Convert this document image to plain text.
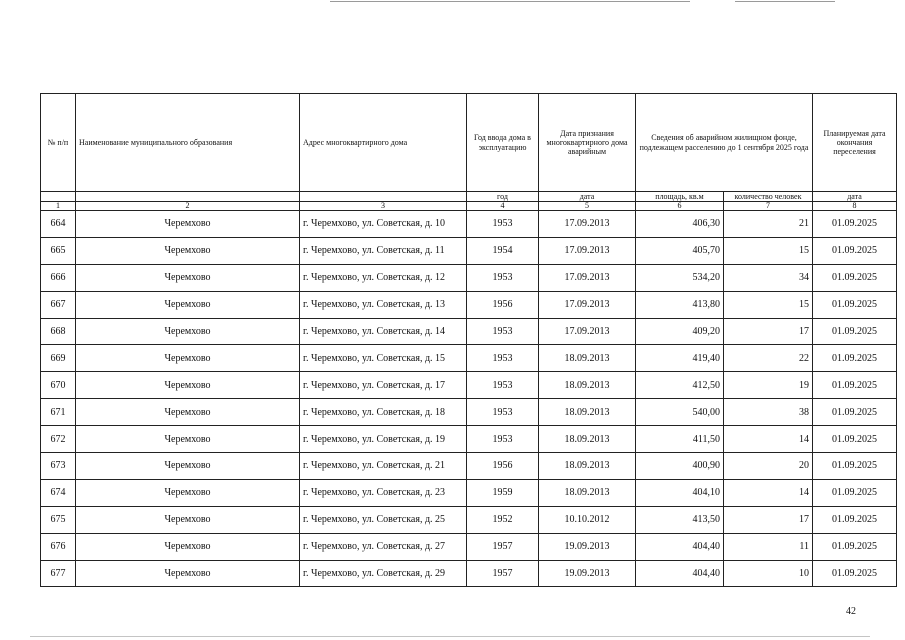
№ п/п	Наименование муниципального образования	Адрес многоквартирного дома	Год ввода дома в эксплуатацию	Дата признания многоквартирного дома аварийным	Сведения об аварийном жилищном фонде, подлежащем расселению до 1 сентября 2025 года		Планируемая дата окончания переселения
			год	дата	площадь, кв.м	количество человек	дата
1	2	3	4	5	6	7	8
664	Черемхово	г. Черемхово, ул. Советская, д. 10	1953	17.09.2013	406,30	21	01.09.2025
665	Черемхово	г. Черемхово, ул. Советская, д. 11	1954	17.09.2013	405,70	15	01.09.2025
666	Черемхово	г. Черемхово, ул. Советская, д. 12	1953	17.09.2013	534,20	34	01.09.2025
667	Черемхово	г. Черемхово, ул. Советская, д. 13	1956	17.09.2013	413,80	15	01.09.2025
668	Черемхово	г. Черемхово, ул. Советская, д. 14	1953	17.09.2013	409,20	17	01.09.2025
669	Черемхово	г. Черемхово, ул. Советская, д. 15	1953	18.09.2013	419,40	22	01.09.2025
670	Черемхово	г. Черемхово, ул. Советская, д. 17	1953	18.09.2013	412,50	19	01.09.2025
671	Черемхово	г. Черемхово, ул. Советская, д. 18	1953	18.09.2013	540,00	38	01.09.2025
672	Черемхово	г. Черемхово, ул. Советская, д. 19	1953	18.09.2013	411,50	14	01.09.2025
673	Черемхово	г. Черемхово, ул. Советская, д. 21	1956	18.09.2013	400,90	20	01.09.2025
674	Черемхово	г. Черемхово, ул. Советская, д. 23	1959	18.09.2013	404,10	14	01.09.2025
675	Черемхово	г. Черемхово, ул. Советская, д. 25	1952	10.10.2012	413,50	17	01.09.2025
676	Черемхово	г. Черемхово, ул. Советская, д. 27	1957	19.09.2013	404,40	11	01.09.2025
677	Черемхово	г. Черемхово, ул. Советская, д. 29	1957	19.09.2013	404,40	10	01.09.2025
42
